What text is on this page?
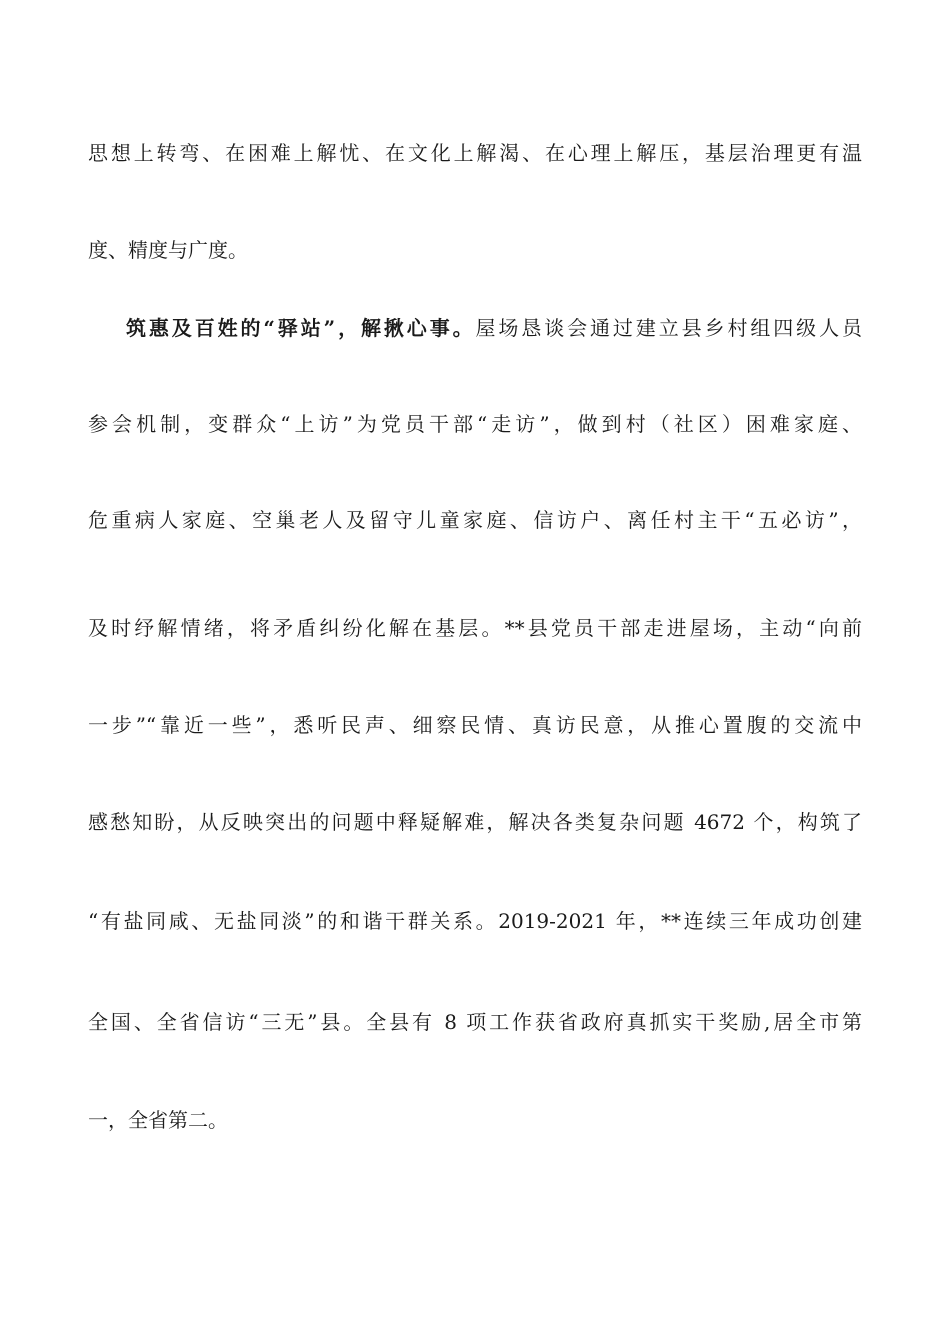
思想上转弯、在困难上解忧、在文化上解渴、在心理上解压，基层治理更有温
度、精度与广度。
筑惠及百姓的“驿站”，解揪心事。屋场恳谈会通过建立县乡村组四级人员
参会机制，变群众“上访”为党员干部“走访”，做到村（社区）困难家庭、
危重病人家庭、空巢老人及留守儿童家庭、信访户、离任村主干“五必访”，
及时纾解情绪，将矛盾纠纷化解在基层。**县党员干部走进屋场，主动“向前
一步”“靠近一些”，悉听民声、细察民情、真访民意，从推心置腹的交流中
感愁知盼，从反映突出的问题中释疑解难，解决各类复杂问题 4672 个，构筑了
“有盐同咸、无盐同淡”的和谐干群关系。2019-2021 年，**连续三年成功创建
全国、全省信访“三无”县。全县有 8 项工作获省政府真抓实干奖励,居全市第
一，全省第二。
